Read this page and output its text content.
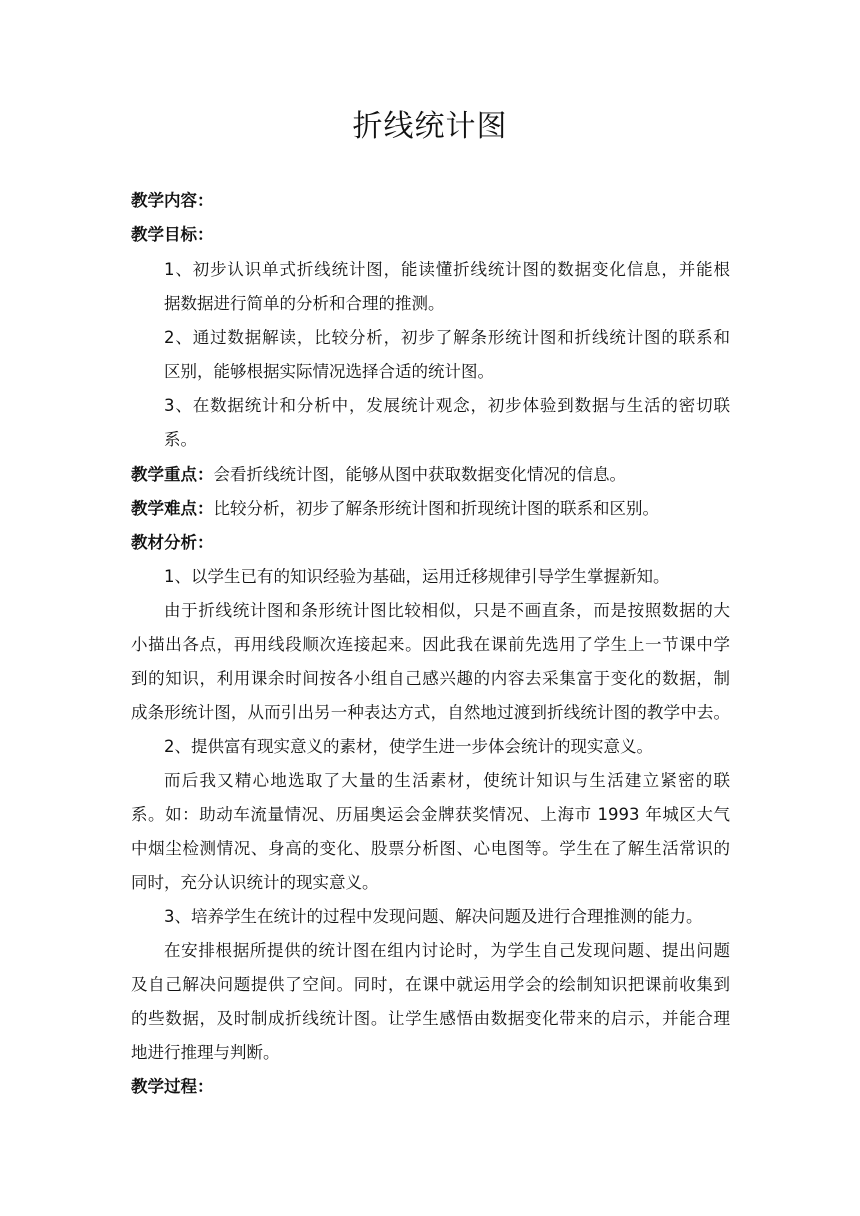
折线统计图
教学内容：
教学目标：
1、初步认识单式折线统计图，能读懂折线统计图的数据变化信息，并能根
据数据进行简单的分析和合理的推测。
2、通过数据解读，比较分析，初步了解条形统计图和折线统计图的联系和
区别，能够根据实际情况选择合适的统计图。
3、在数据统计和分析中，发展统计观念，初步体验到数据与生活的密切联
系。
教学重点：会看折线统计图，能够从图中获取数据变化情况的信息。
教学难点：比较分析，初步了解条形统计图和折现统计图的联系和区别。
教材分析：
1、以学生已有的知识经验为基础，运用迁移规律引导学生掌握新知。
由于折线统计图和条形统计图比较相似，只是不画直条，而是按照数据的大
小描出各点，再用线段顺次连接起来。因此我在课前先选用了学生上一节课中学
到的知识，利用课余时间按各小组自己感兴趣的内容去采集富于变化的数据，制
成条形统计图，从而引出另一种表达方式，自然地过渡到折线统计图的教学中去。
2、提供富有现实意义的素材，使学生进一步体会统计的现实意义。
而后我又精心地选取了大量的生活素材，使统计知识与生活建立紧密的联
系。如：助动车流量情况、历届奥运会金牌获奖情况、上海市 1993 年城区大气
中烟尘检测情况、身高的变化、股票分析图、心电图等。学生在了解生活常识的
同时，充分认识统计的现实意义。
3、培养学生在统计的过程中发现问题、解决问题及进行合理推测的能力。
在安排根据所提供的统计图在组内讨论时，为学生自己发现问题、提出问题
及自己解决问题提供了空间。同时，在课中就运用学会的绘制知识把课前收集到
的些数据，及时制成折线统计图。让学生感悟由数据变化带来的启示，并能合理
地进行推理与判断。
教学过程：
